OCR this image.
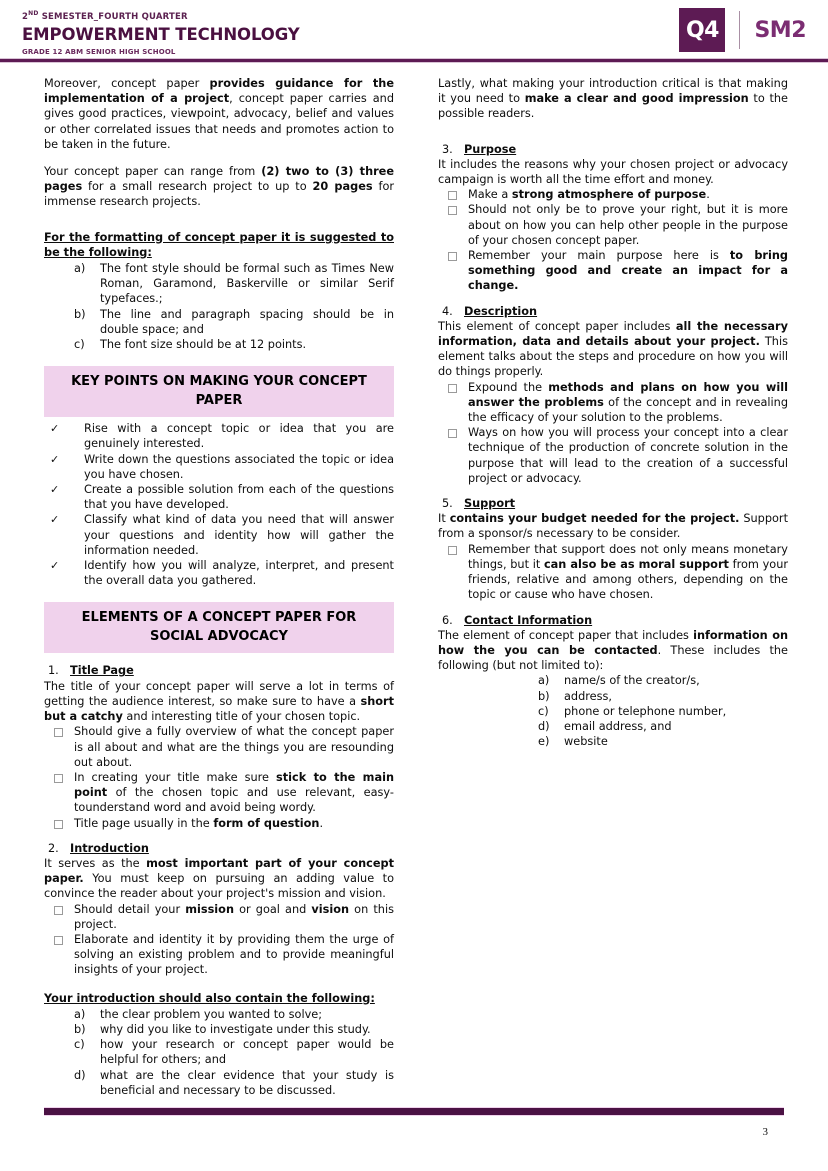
2ND SEMESTER_FOURTH QUARTER
EMPOWERMENT TECHNOLOGY
GRADE 12 ABM SENIOR HIGH SCHOOL
Q4 SM2

Moreover, concept paper provides guidance for the implementation of a project, concept paper carries and gives good practices, viewpoint, advocacy, belief and values or other correlated issues that needs and promotes action to be taken in the future.

Your concept paper can range from (2) two to (3) three pages for a small research project to up to 20 pages for immense research projects.

For the formatting of concept paper it is suggested to be the following:
a)	The font style should be formal such as Times New Roman, Garamond, Baskerville or similar Serif typefaces.;
b)	The line and paragraph spacing should be in double space; and
c)	The font size should be at 12 points.
KEY POINTS ON MAKING YOUR CONCEPT PAPER
✓	Rise with a concept topic or idea that you are genuinely interested.
✓	Write down the questions associated the topic or idea you have chosen.
✓	Create a possible solution from each of the questions that you have developed.
✓	Classify what kind of data you need that will answer your questions and identity how will gather the information needed.
✓	Identify how you will analyze, interpret, and present the overall data you gathered.
ELEMENTS OF A CONCEPT PAPER FOR SOCIAL ADVOCACY
1. Title Page

The title of your concept paper will serve a lot in terms of getting the audience interest, so make sure to have a short but a catchy and interesting title of your chosen topic.

Should give a fully overview of what the concept paper is all about and what are the things you are resounding out about.
In creating your title make sure stick to the main point of the chosen topic and use relevant, easy-tounderstand word and avoid being wordy.
Title page usually in the form of question.
2. Introduction

It serves as the most important part of your concept paper. You must keep on pursuing an adding value to convince the reader about your project's mission and vision.

Should detail your mission or goal and vision on this project.
Elaborate and identity it by providing them the urge of solving an existing problem and to provide meaningful insights of your project.
Your introduction should also contain the following:
a)	the clear problem you wanted to solve;
b)	why did you like to investigate under this study.
c)	how your research or concept paper would be helpful for others; and
d)	what are the clear evidence that your study is beneficial and necessary to be discussed.

Lastly, what making your introduction critical is that making it you need to make a clear and good impression to the possible readers.

3. Purpose

It includes the reasons why your chosen project or advocacy campaign is worth all the time effort and money.

Make a strong atmosphere of purpose.
Should not only be to prove your right, but it is more about on how you can help other people in the purpose of your chosen concept paper.
Remember your main purpose here is to bring something good and create an impact for a change.
4. Description

This element of concept paper includes all the necessary information, data and details about your project. This element talks about the steps and procedure on how you will do things properly.

Expound the methods and plans on how you will answer the problems of the concept and in revealing the efficacy of your solution to the problems.
Ways on how you will process your concept into a clear technique of the production of concrete solution in the purpose that will lead to the creation of a successful project or advocacy.
5. Support

It contains your budget needed for the project. Support from a sponsor/s necessary to be consider.

Remember that support does not only means monetary things, but it can also be as moral support from your friends, relative and among others, depending on the topic or cause who have chosen.
6. Contact Information

The element of concept paper that includes information on how the you can be contacted. These includes the following (but not limited to):

a)	name/s of the creator/s,
b)	address,
c)	phone or telephone number,
d)	email address, and
e)	website
3
